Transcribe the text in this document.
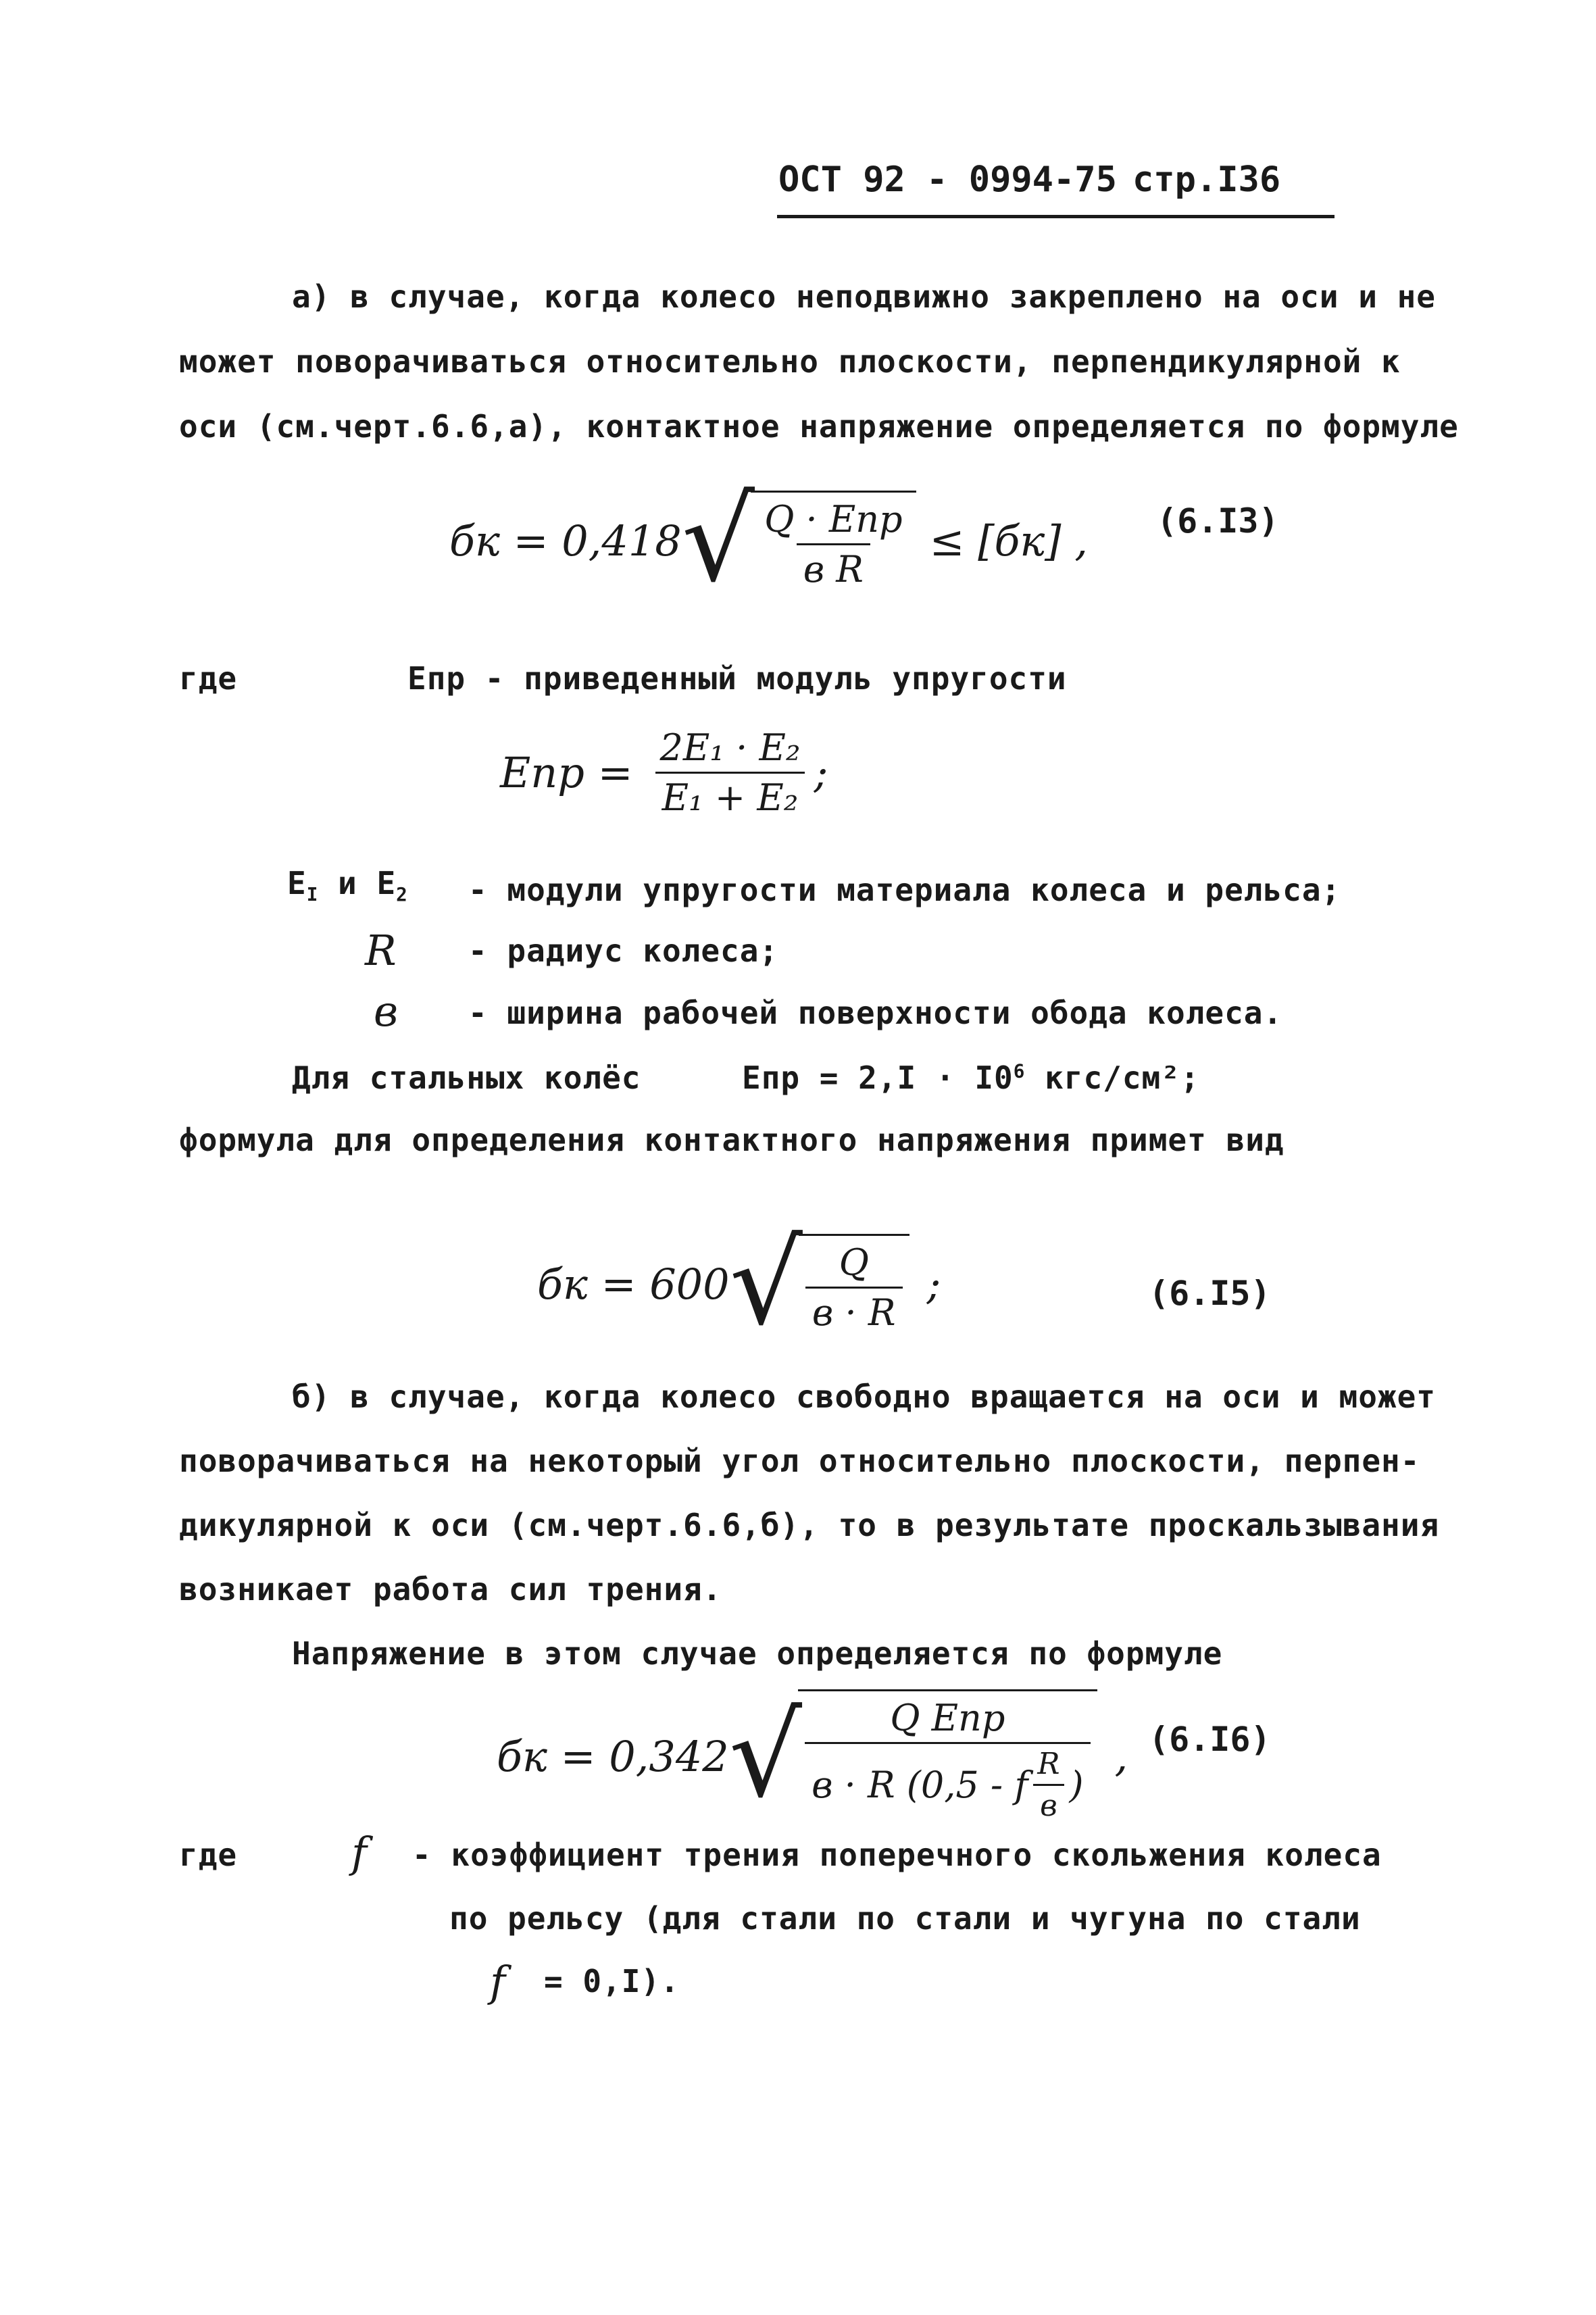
ОСТ 92 - 0994-75 стр.I36
а) в случае, когда колесо неподвижно закреплено на оси и не
может поворачиваться относительно плоскости, перпендикулярной к
оси (см.черт.6.6,а), контактное напряжение определяется по формуле
бк = 0,418 √ $\frac{\text{Q · Eпр}}{\text{в R}} \le [бк]$ , (6.I3)
где	Eпр - приведенный модуль упругости
Eпр = $\frac{\text{2E₁ · E₂}}{\text{E₁ + E₂}}$ ;
$E_I$ и $E_2$ - модули упругости материала колеса и рельса;
R - радиус колеса;
в - ширина рабочей поверхности обода колеса.
Для стальных колёс	Eпр = $2,I \cdot I0^6$ кгс/см²;
формула для определения контактного напряжения примет вид
бк = 600 √ $\frac{Q}{в \cdot R}$ ;	(6.I5)
б) в случае, когда колесо свободно вращается на оси и может
поворачиваться на некоторый угол относительно плоскости, перпен-
дикулярной к оси (см.черт.6.6,б), то в результате проскальзывания
возникает работа сил трения.
Напряжение в этом случае определяется по формуле
бк = 0,342 √ Q Eпр
в · R (0,5 - f $\frac{R}{в}$ )
, (6.I6)
где	f - коэффициент трения поперечного скольжения колеса
по рельсу (для стали по стали и чугуна по стали
f = 0,I).
